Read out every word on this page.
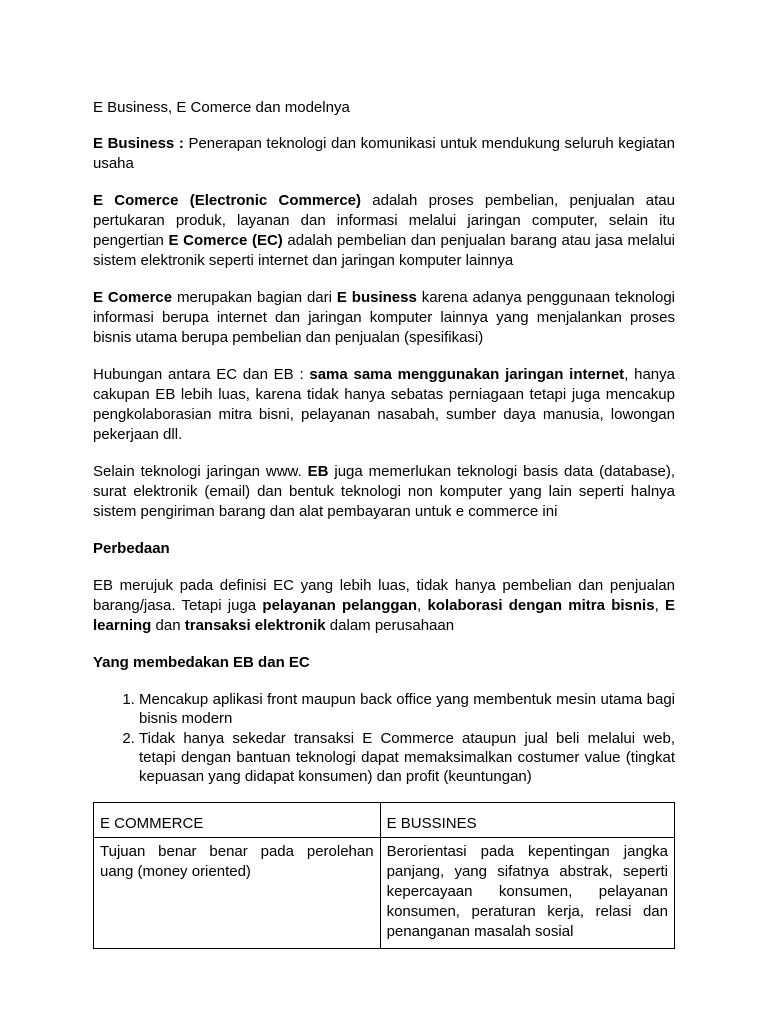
E Business, E Comerce dan modelnya

E Business : Penerapan teknologi dan komunikasi untuk mendukung seluruh kegiatan usaha

E Comerce (Electronic Commerce) adalah proses pembelian, penjualan atau pertukaran produk, layanan dan informasi melalui jaringan computer, selain itu pengertian E Comerce (EC) adalah pembelian dan penjualan barang atau jasa melalui sistem elektronik seperti internet dan jaringan komputer lainnya

E Comerce merupakan bagian dari E business karena adanya penggunaan teknologi informasi berupa internet dan jaringan komputer lainnya yang menjalankan proses bisnis utama berupa pembelian dan penjualan (spesifikasi)

Hubungan antara EC dan EB : sama sama menggunakan jaringan internet, hanya cakupan EB lebih luas, karena tidak hanya sebatas perniagaan tetapi juga mencakup pengkolaborasian mitra bisni, pelayanan nasabah, sumber daya manusia, lowongan pekerjaan dll.

Selain teknologi jaringan www. EB juga memerlukan teknologi basis data (database), surat elektronik (email) dan bentuk teknologi non komputer yang lain seperti halnya sistem pengiriman barang dan alat pembayaran untuk e commerce ini

Perbedaan

EB merujuk pada definisi EC yang lebih luas, tidak hanya pembelian dan penjualan barang/jasa. Tetapi juga pelayanan pelanggan, kolaborasi dengan mitra bisnis, E learning dan transaksi elektronik dalam perusahaan

Yang membedakan EB dan EC

1. Mencakup aplikasi front maupun back office yang membentuk mesin utama bagi bisnis modern
2. Tidak hanya sekedar transaksi E Commerce ataupun jual beli melalui web, tetapi dengan bantuan teknologi dapat memaksimalkan costumer value (tingkat kepuasan yang didapat konsumen) dan profit (keuntungan)
E COMMERCE	E BUSSINES

Tujuan benar benar pada perolehan uang (money oriented)	Berorientasi pada kepentingan jangka panjang, yang sifatnya abstrak, seperti kepercayaan konsumen, pelayanan konsumen, peraturan kerja, relasi dan penanganan masalah sosial
